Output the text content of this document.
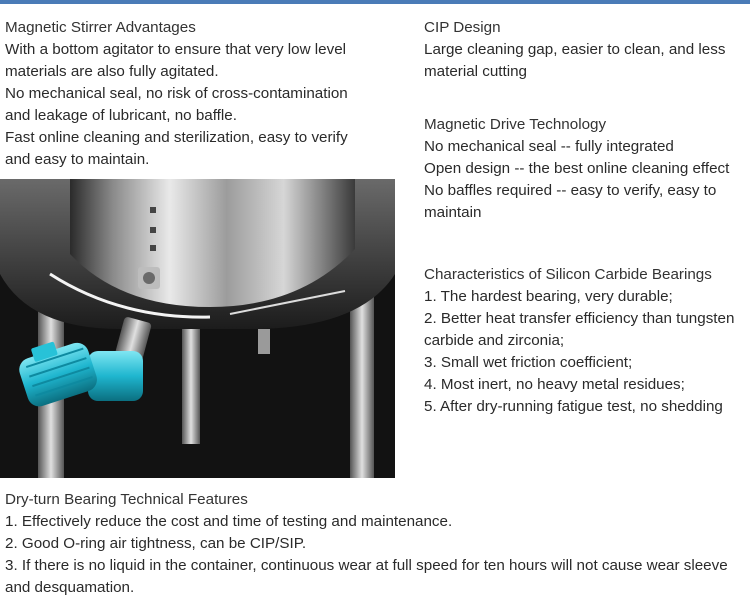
Magnetic Stirrer Advantages

With a bottom agitator to ensure that very low level materials are also fully agitated.

No mechanical seal, no risk of cross-contamination and leakage of lubricant, no baffle.

Fast online cleaning and sterilization, easy to verify and easy to maintain.

CIP Design

Large cleaning gap, easier to clean, and less material cutting

Magnetic Drive Technology

No mechanical seal -- fully integrated

Open design -- the best online cleaning effect

No baffles required -- easy to verify, easy to maintain

Characteristics of Silicon Carbide Bearings

1. The hardest bearing, very durable;

2. Better heat transfer efficiency than tungsten carbide and zirconia;

3. Small wet friction coefficient;

4. Most inert, no heavy metal residues;

5. After dry-running fatigue test, no shedding

Dry-turn Bearing Technical Features

1. Effectively reduce the cost and time of testing and maintenance.

2. Good O-ring air tightness, can be CIP/SIP.

3. If there is no liquid in the container, continuous wear at full speed for ten hours will not cause wear sleeve and desquamation.
